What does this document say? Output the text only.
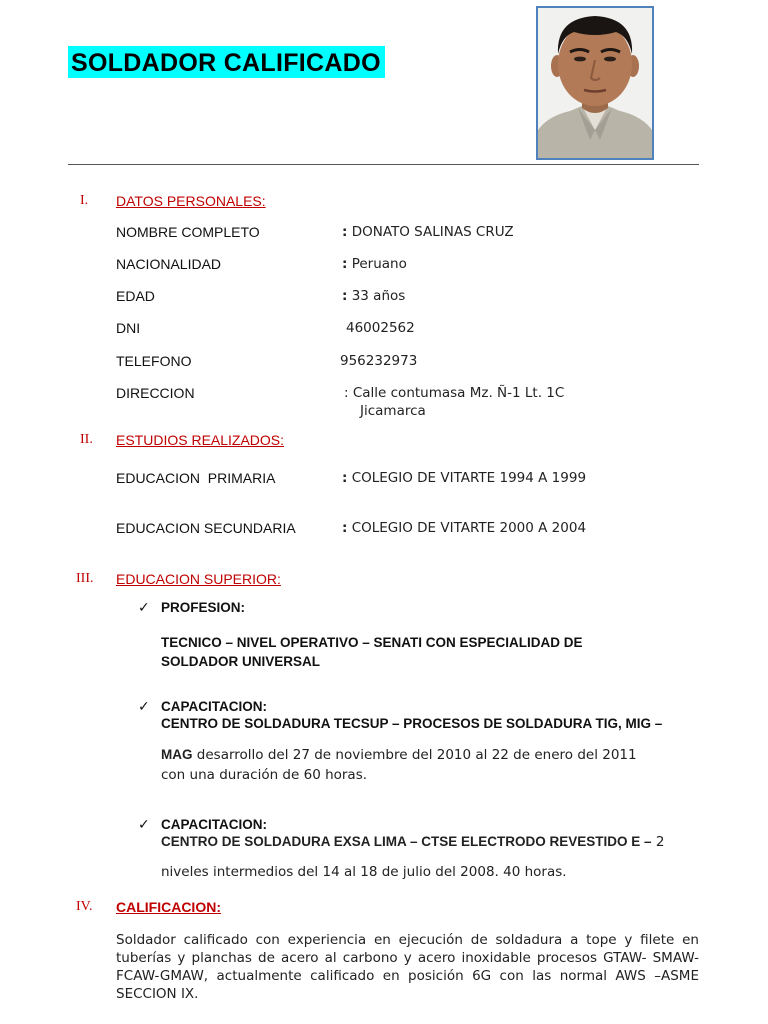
SOLDADOR CALIFICADO
I. DATOS PERSONALES:
NOMBRE COMPLETO	: DONATO SALINAS CRUZ
NACIONALIDAD	: Peruano
EDAD	: 33 años
DNI	46002562
TELEFONO	956232973
DIRECCION	: Calle contumasa Mz. Ñ-1 Lt. 1C
Jicamarca
II. ESTUDIOS REALIZADOS:
EDUCACION  PRIMARIA	: COLEGIO DE VITARTE 1994 A 1999
EDUCACION SECUNDARIA	: COLEGIO DE VITARTE 2000 A 2004
III. EDUCACION SUPERIOR:
✓ PROFESION:
TECNICO – NIVEL OPERATIVO – SENATI CON ESPECIALIDAD DE
SOLDADOR UNIVERSAL
✓ CAPACITACION:
CENTRO DE SOLDADURA TECSUP – PROCESOS DE SOLDADURA TIG, MIG –
MAG desarrollo del 27 de noviembre del 2010 al 22 de enero del 2011
con una duración de 60 horas.
✓ CAPACITACION:
CENTRO DE SOLDADURA EXSA LIMA – CTSE ELECTRODO REVESTIDO E – 2
niveles intermedios del 14 al 18 de julio del 2008. 40 horas.
IV. CALIFICACION:
Soldador calificado con experiencia en ejecución de soldadura a tope y filete en tuberías y planchas de acero al carbono y acero inoxidable procesos GTAW- SMAW-FCAW-GMAW, actualmente calificado en posición 6G con las normal AWS –ASME SECCION IX.
